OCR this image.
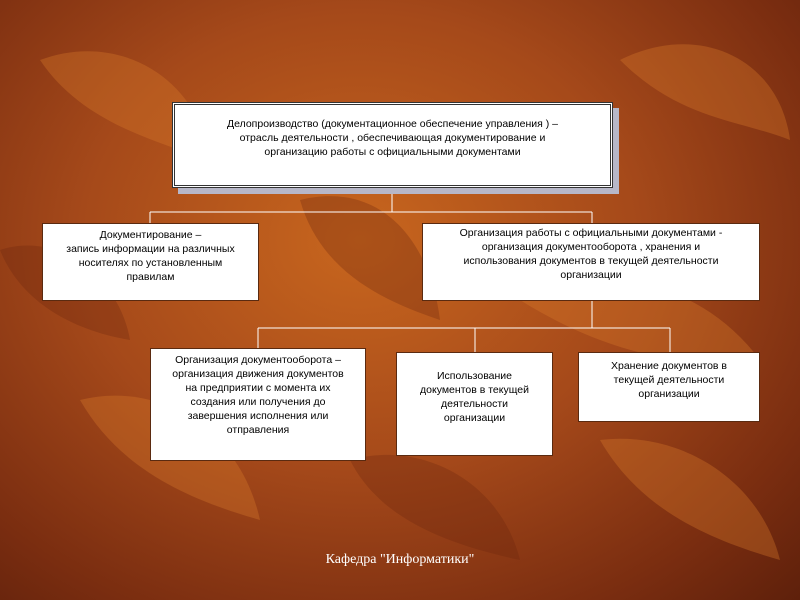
Делопроизводство (документационное обеспечение управления ) –
отрасль деятельности , обеспечивающая документирование и
организацию работы с официальными документами
Документирование –
запись информации на различных
носителях по установленным
правилам
Организация работы с официальными документами -
организация документооборота , хранения и
использования документов в текущей деятельности
организации
Организация документооборота –
организация движения документов
на предприятии с момента их
создания или получения до
завершения исполнения или
отправления
Использование
документов в текущей
деятельности
организации
Хранение документов в
текущей деятельности
организации
Кафедра "Информатики"
